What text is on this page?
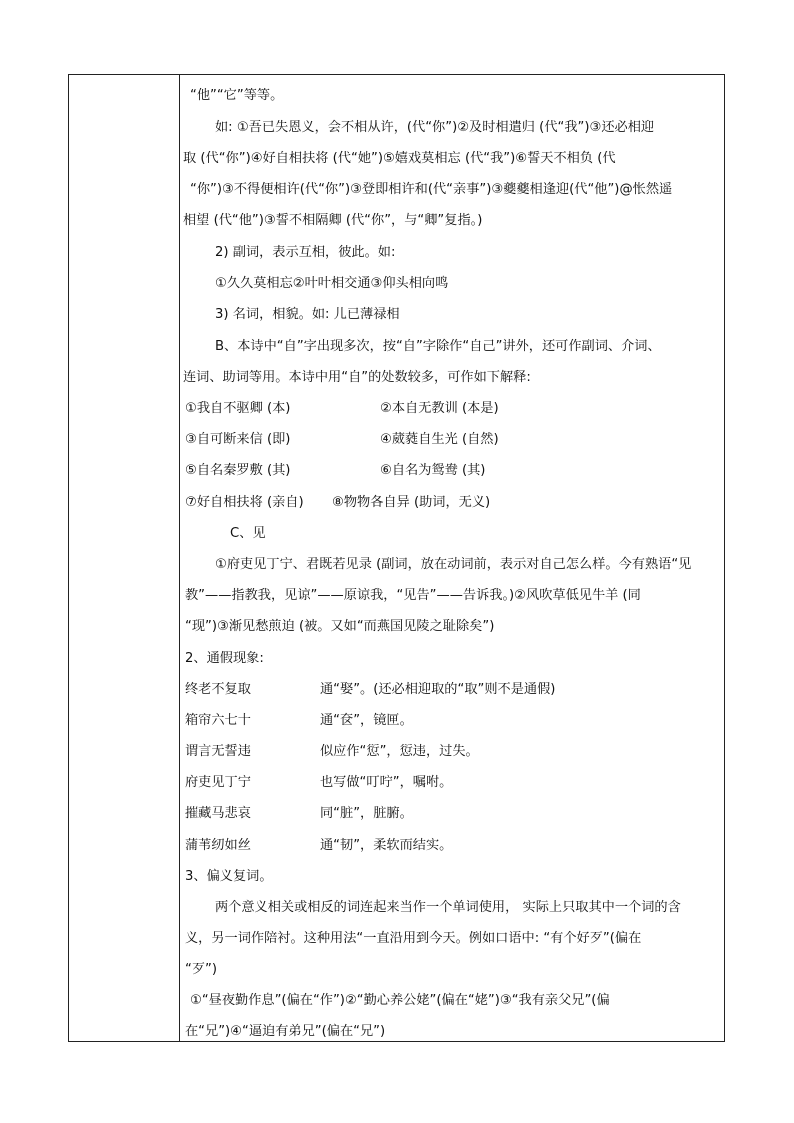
“他”“它”等等。
如: ①吾已失恩义，会不相从许，(代“你”)②及时相遣归 (代“我”)③还必相迎
取 (代“你”)④好自相扶将 (代“她”)⑤嬉戏莫相忘 (代“我”)⑥誓天不相负 (代
“你”)③不得便相许(代“你”)③登即相许和(代“亲事”)③夔夔相逢迎(代“他”)@怅然遥
相望 (代“他”)③誓不相隔卿 (代“你”，与“卿”复指。)
2) 副词，表示互相，彼此。如:
①久久莫相忘②叶叶相交通③仰头相向鸣
3) 名词，相貌。如: 儿已薄禄相
B、本诗中“自”字出现多次，按“自”字除作“自己”讲外，还可作副词、介词、
连词、助词等用。本诗中用“自”的处数较多，可作如下解释:
①我自不驱卿 (本)	②本自无教训 (本是)
③自可断来信 (即)	④葳蕤自生光 (自然)
⑤自名秦罗敷 (其)	⑥自名为鸳鸯 (其)
⑦好自相扶将 (亲自) ⑧物物各自异 (助词，无义)
C、见
①府吏见丁宁、君既若见录 (副词，放在动词前，表示对自己怎么样。今有熟语“见
教”——指教我，见谅”——原谅我，“见告”——告诉我。)②风吹草低见牛羊 (同
“现”)③渐见愁煎迫 (被。又如“而燕国见陵之耻除矣”)
2、通假现象:
终老不复取	通“娶”。(还必相迎取的“取”则不是通假)
箱帘六七十	通“奁”，镜匣。
谓言无誓违	似应作“愆”，愆违，过失。
府吏见丁宁	也写做“叮咛”，嘱咐。
摧藏马悲哀	同“脏”，脏腑。
蒲苇纫如丝	通“韧”，柔软而结实。
3、偏义复词。
两个意义相关或相反的词连起来当作一个单词使用， 实际上只取其中一个词的含
义，另一词作陪衬。这种用法“一直沿用到今天。例如口语中: “有个好歹”(偏在
“歹”)
①“昼夜勤作息”(偏在“作”)②“勤心养公姥”(偏在“姥”)③“我有亲父兄”(偏
在“兄”)④“逼迫有弟兄”(偏在“兄”)
